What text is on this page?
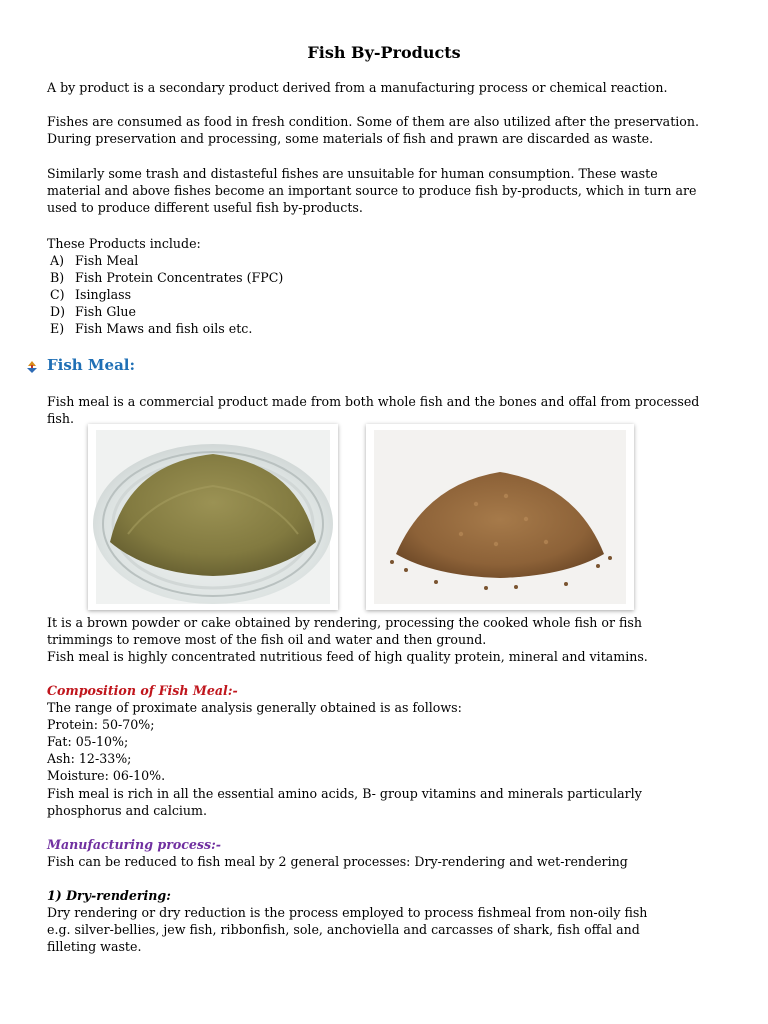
Fish By-Products
A by product is a secondary product derived from a manufacturing process or chemical reaction.
Fishes are consumed as food in fresh condition. Some of them are also utilized after the preservation.
During preservation and processing, some materials of fish and prawn are discarded as waste.
Similarly some trash and distasteful fishes are unsuitable for human consumption. These waste
material and above fishes become an important source to produce fish by-products, which in turn are
used to produce different useful fish by-products.
These Products include:
A) Fish Meal
B) Fish Protein Concentrates (FPC)
C) Isinglass
D) Fish Glue
E) Fish Maws and fish oils etc.
Fish Meal:
Fish meal is a commercial product made from both whole fish and the bones and offal from processed
fish.
It is a brown powder or cake obtained by rendering, processing the cooked whole fish or fish
trimmings to remove most of the fish oil and water and then ground.
Fish meal is highly concentrated nutritious feed of high quality protein, mineral and vitamins.
Composition of Fish Meal:-
The range of proximate analysis generally obtained is as follows:
Protein: 50-70%;
Fat: 05-10%;
Ash: 12-33%;
Moisture: 06-10%.
Fish meal is rich in all the essential amino acids, B- group vitamins and minerals particularly
phosphorus and calcium.
Manufacturing process:-
Fish can be reduced to fish meal by 2 general processes: Dry-rendering and wet-rendering
1) Dry-rendering:
Dry rendering or dry reduction is the process employed to process fishmeal from non-oily fish
e.g. silver-bellies, jew fish, ribbonfish, sole, anchoviella and carcasses of shark, fish offal and
filleting waste.
